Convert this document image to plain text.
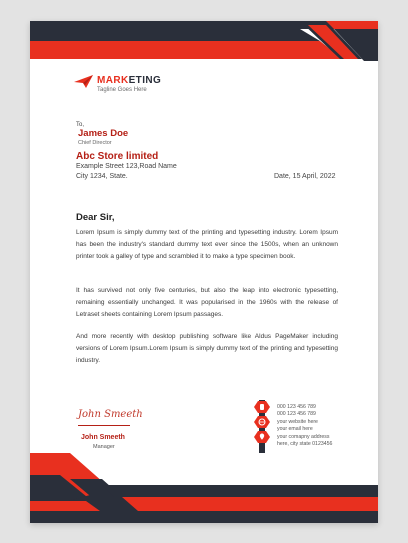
MARKETING
Tagline Goes Here
To,
James Doe
Chief Director
Abc Store limited
Example Street 123,Road Name
City 1234, State.	Date, 15 April, 2022
Dear Sir,
Lorem Ipsum is simply dummy text of the printing and typesetting industry. Lorem Ipsum has been the industry's standard dummy text ever since the 1500s, when an unknown printer took a galley of type and scrambled it to make a type specimen book.
It has survived not only five centuries, but also the leap into electronic typesetting, remaining essentially unchanged. It was popularised in the 1960s with the release of Letraset sheets containing Lorem Ipsum passages.
And more recently with desktop publishing software like Aldus PageMaker including versions of Lorem Ipsum.Lorem Ipsum is simply dummy text of the printing and typesetting industry.
John Smeeth
John Smeeth
Manager
000 123 456 789
000 123 456 789
your website here
your email here
your comapny address
here, city state 0123456
